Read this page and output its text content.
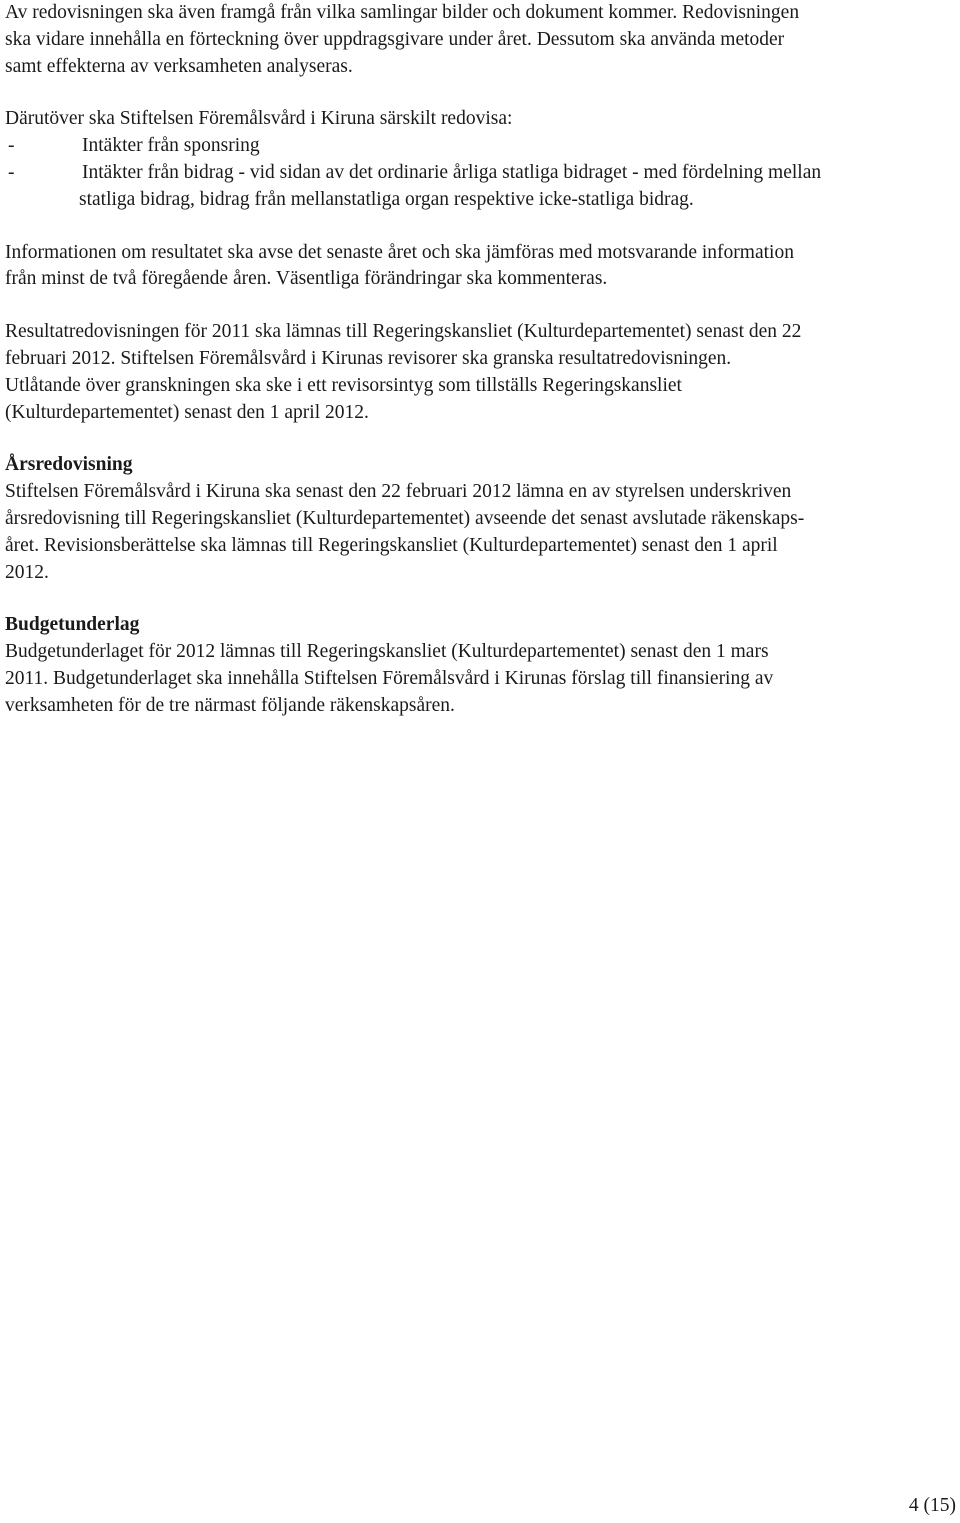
Av redovisningen ska även framgå från vilka samlingar bilder och dokument kommer. Redovisningen
ska vidare innehålla en förteckning över uppdragsgivare under året. Dessutom ska använda metoder
samt effekterna av verksamheten analyseras.

Därutöver ska Stiftelsen Föremålsvård i Kiruna särskilt redovisa:

-	Intäkter från sponsring
-	Intäkter från bidrag - vid sidan av det ordinarie årliga statliga bidraget - med fördelning mellan
statliga bidrag, bidrag från mellanstatliga organ respektive icke-statliga bidrag.

Informationen om resultatet ska avse det senaste året och ska jämföras med motsvarande information
från minst de två föregående åren. Väsentliga förändringar ska kommenteras.

Resultatredovisningen för 2011 ska lämnas till Regeringskansliet (Kulturdepartementet) senast den 22
februari 2012. Stiftelsen Föremålsvård i Kirunas revisorer ska granska resultatredovisningen.
Utlåtande över granskningen ska ske i ett revisorsintyg som tillställs Regeringskansliet
(Kulturdepartementet) senast den 1 april 2012.

Årsredovisning
Stiftelsen Föremålsvård i Kiruna ska senast den 22 februari 2012 lämna en av styrelsen underskriven
årsredovisning till Regeringskansliet (Kulturdepartementet) avseende det senast avslutade räkenskaps-
året. Revisionsberättelse ska lämnas till Regeringskansliet (Kulturdepartementet) senast den 1 april
2012.
Budgetunderlag
Budgetunderlaget för 2012 lämnas till Regeringskansliet (Kulturdepartementet) senast den 1 mars
2011. Budgetunderlaget ska innehålla Stiftelsen Föremålsvård i Kirunas förslag till finansiering av
verksamheten för de tre närmast följande räkenskapsåren.
4 (15)
